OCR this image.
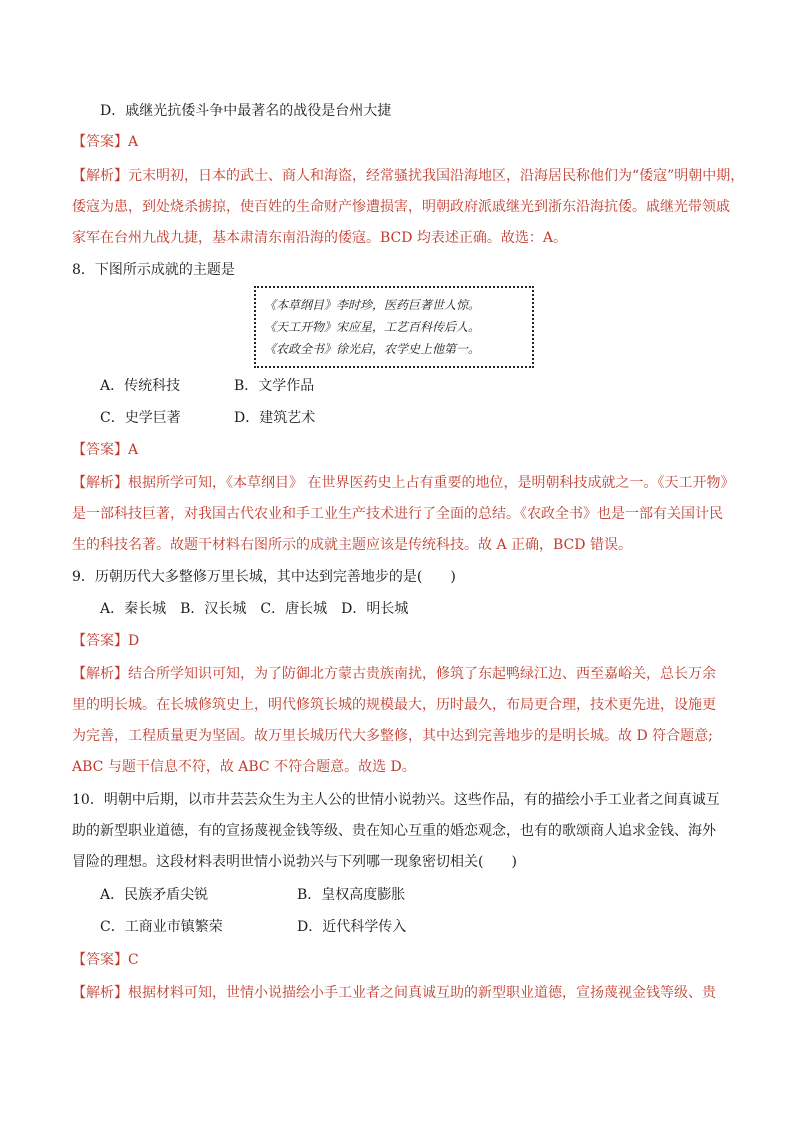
D．戚继光抗倭斗争中最著名的战役是台州大捷
【答案】A
【解析】元末明初，日本的武士、商人和海盗，经常骚扰我国沿海地区，沿海居民称他们为“倭寇”明朝中期，
倭寇为患，到处烧杀掳掠，使百姓的生命财产惨遭损害，明朝政府派戚继光到浙东沿海抗倭。戚继光带领戚
家军在台州九战九捷，基本肃清东南沿海的倭寇。BCD 均表述正确。故选：A。
8．下图所示成就的主题是
《本草纲目》李时珍，医药巨著世人惊。
《天工开物》宋应星，工艺百科传后人。
《农政全书》徐光启，农学史上他第一。
A．传统科技	B．文学作品
C．史学巨著	D．建筑艺术
【答案】A
【解析】根据所学可知，《本草纲目》 在世界医药史上占有重要的地位，是明朝科技成就之一。《天工开物》
是一部科技巨著，对我国古代农业和手工业生产技术进行了全面的总结。《农政全书》也是一部有关国计民
生的科技名著。故题干材料右图所示的成就主题应该是传统科技。故 A 正确，BCD 错误。
9．历朝历代大多整修万里长城，其中达到完善地步的是(　　)
A．秦长城　B．汉长城　C．唐长城　D．明长城
【答案】D
【解析】结合所学知识可知，为了防御北方蒙古贵族南扰，修筑了东起鸭绿江边、西至嘉峪关，总长万余
里的明长城。在长城修筑史上，明代修筑长城的规模最大，历时最久，布局更合理，技术更先进，设施更
为完善，工程质量更为坚固。故万里长城历代大多整修，其中达到完善地步的是明长城。故 D 符合题意;
ABC 与题干信息不符，故 ABC 不符合题意。故选 D。
10．明朝中后期，以市井芸芸众生为主人公的世情小说勃兴。这些作品，有的描绘小手工业者之间真诚互
助的新型职业道德，有的宣扬蔑视金钱等级、贵在知心互重的婚恋观念，也有的歌颂商人追求金钱、海外
冒险的理想。这段材料表明世情小说勃兴与下列哪一现象密切相关(　　)
A．民族矛盾尖锐	B．皇权高度膨胀
C．工商业市镇繁荣	D．近代科学传入
【答案】C
【解析】根据材料可知，世情小说描绘小手工业者之间真诚互助的新型职业道德，宣扬蔑视金钱等级、贵
